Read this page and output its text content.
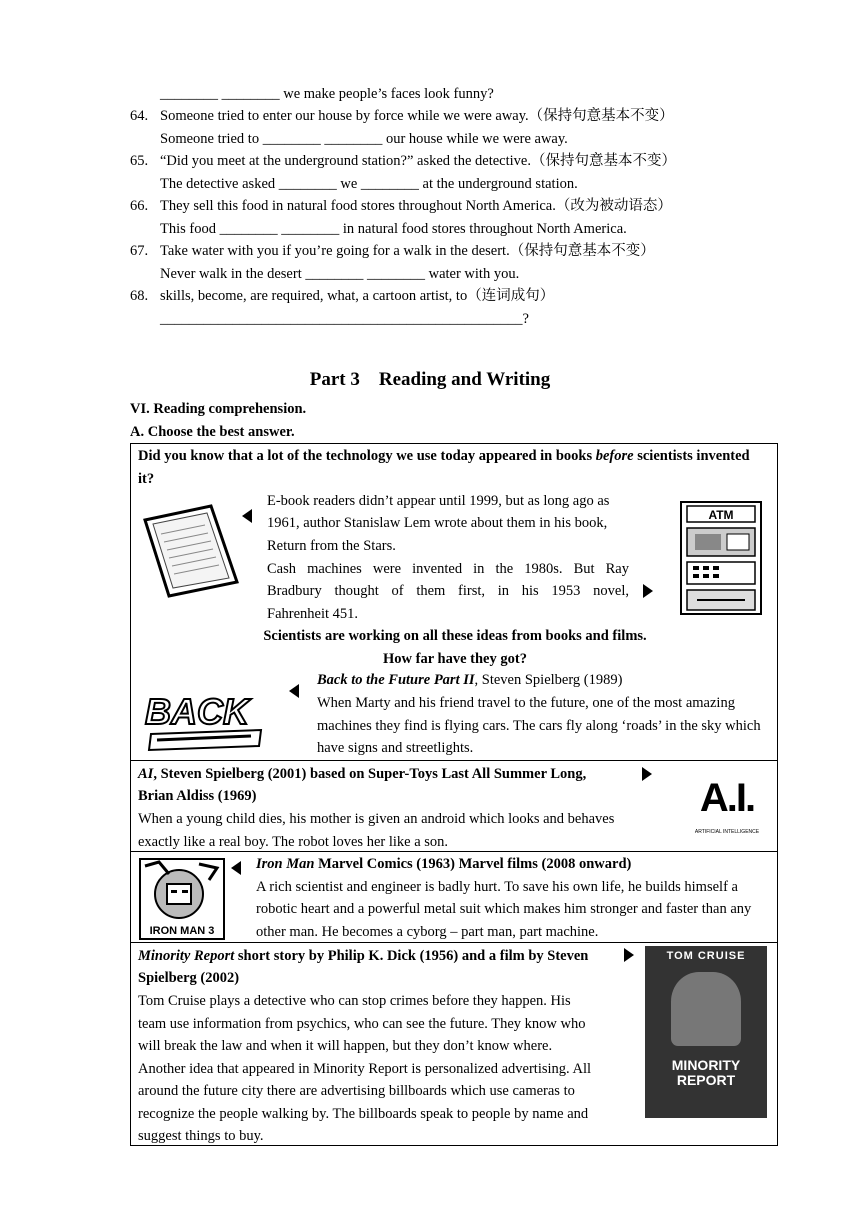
________ ________ we make people’s faces look funny?
64. Someone tried to enter our house by force while we were away.（保持句意基本不变）
Someone tried to ________ ________ our house while we were away.
65. “Did you meet at the underground station?” asked the detective.（保持句意基本不变）
The detective asked ________ we ________ at the underground station.
66. They sell this food in natural food stores throughout North America.（改为被动语态）
This food ________ ________ in natural food stores throughout North America.
67. Take water with you if you’re going for a walk in the desert.（保持句意基本不变）
Never walk in the desert ________ ________ water with you.
68. skills, become, are required, what, a cartoon artist, to（连词成句）
__________________________________________________?
Part 3　Reading and Writing
VI. Reading comprehension.
A. Choose the best answer.
Did you know that a lot of the technology we use today appeared in books before scientists invented
it?
E-book readers didn’t appear until 1999, but as long ago as
1961, author Stanislaw Lem wrote about them in his book,
Return from the Stars.
Cash machines were invented in the 1980s. But Ray
Bradbury thought of them first, in his 1953 novel,
Fahrenheit 451.
ATM
Scientists are working on all these ideas from books and films.
How far have they got?
BACK
Back to the Future Part II, Steven Spielberg (1989)
When Marty and his friend travel to the future, one of the most amazing
machines they find is flying cars. The cars fly along ‘roads’ in the sky which
have signs and streetlights.
AI, Steven Spielberg (2001) based on Super-Toys Last All Summer Long,
Brian Aldiss (1969)
When a young child dies, his mother is given an android which looks and behaves
exactly like a real boy. The robot loves her like a son.
A.I.
ARTIFICIAL INTELLIGENCE
IRON MAN 3
Iron Man Marvel Comics (1963) Marvel films (2008 onward)
A rich scientist and engineer is badly hurt. To save his own life, he builds himself a
robotic heart and a powerful metal suit which makes him stronger and faster than any
other man. He becomes a cyborg – part man, part machine.
Minority Report short story by Philip K. Dick (1956) and a film by Steven
Spielberg (2002)
Tom Cruise plays a detective who can stop crimes before they happen. His
team use information from psychics, who can see the future. They know who
will break the law and when it will happen, but they don’t know where.
Another idea that appeared in Minority Report is personalized advertising. All
around the future city there are advertising billboards which use cameras to
recognize the people walking by. The billboards speak to people by name and
suggest things to buy.
TOM CRUISE
MINORITY REPORT
